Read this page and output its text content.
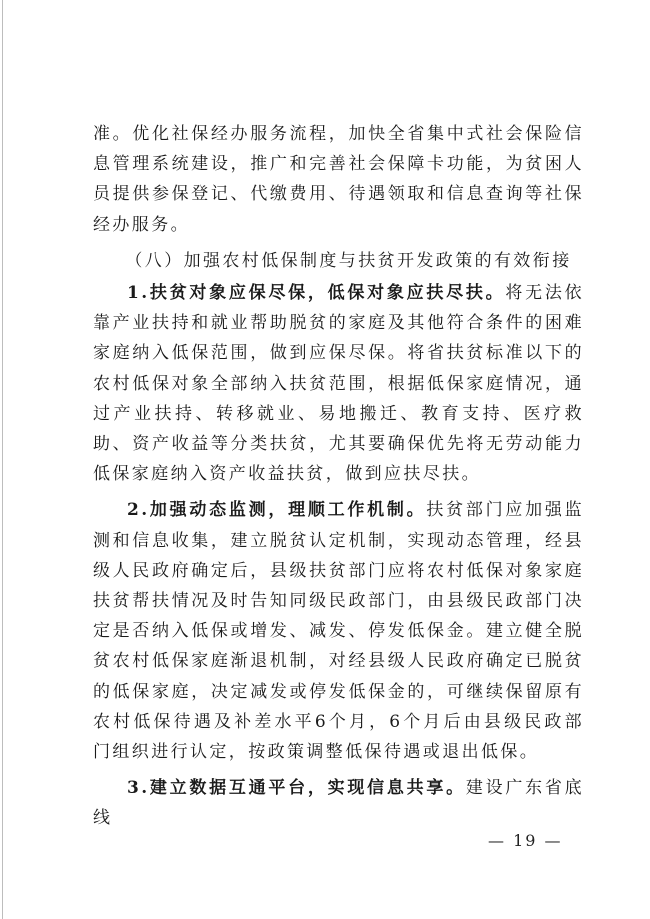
准。优化社保经办服务流程，加快全省集中式社会保险信息管理系统建设，推广和完善社会保障卡功能，为贫困人员提供参保登记、代缴费用、待遇领取和信息查询等社保经办服务。

（八）加强农村低保制度与扶贫开发政策的有效衔接

1.扶贫对象应保尽保，低保对象应扶尽扶。将无法依靠产业扶持和就业帮助脱贫的家庭及其他符合条件的困难家庭纳入低保范围，做到应保尽保。将省扶贫标准以下的农村低保对象全部纳入扶贫范围，根据低保家庭情况，通过产业扶持、转移就业、易地搬迁、教育支持、医疗救助、资产收益等分类扶贫，尤其要确保优先将无劳动能力低保家庭纳入资产收益扶贫，做到应扶尽扶。

2.加强动态监测，理顺工作机制。扶贫部门应加强监测和信息收集，建立脱贫认定机制，实现动态管理，经县级人民政府确定后，县级扶贫部门应将农村低保对象家庭扶贫帮扶情况及时告知同级民政部门，由县级民政部门决定是否纳入低保或增发、减发、停发低保金。建立健全脱贫农村低保家庭渐退机制，对经县级人民政府确定已脱贫的低保家庭，决定减发或停发低保金的，可继续保留原有农村低保待遇及补差水平6个月，6个月后由县级民政部门组织进行认定，按政策调整低保待遇或退出低保。

3.建立数据互通平台，实现信息共享。建设广东省底线

— 19 —
